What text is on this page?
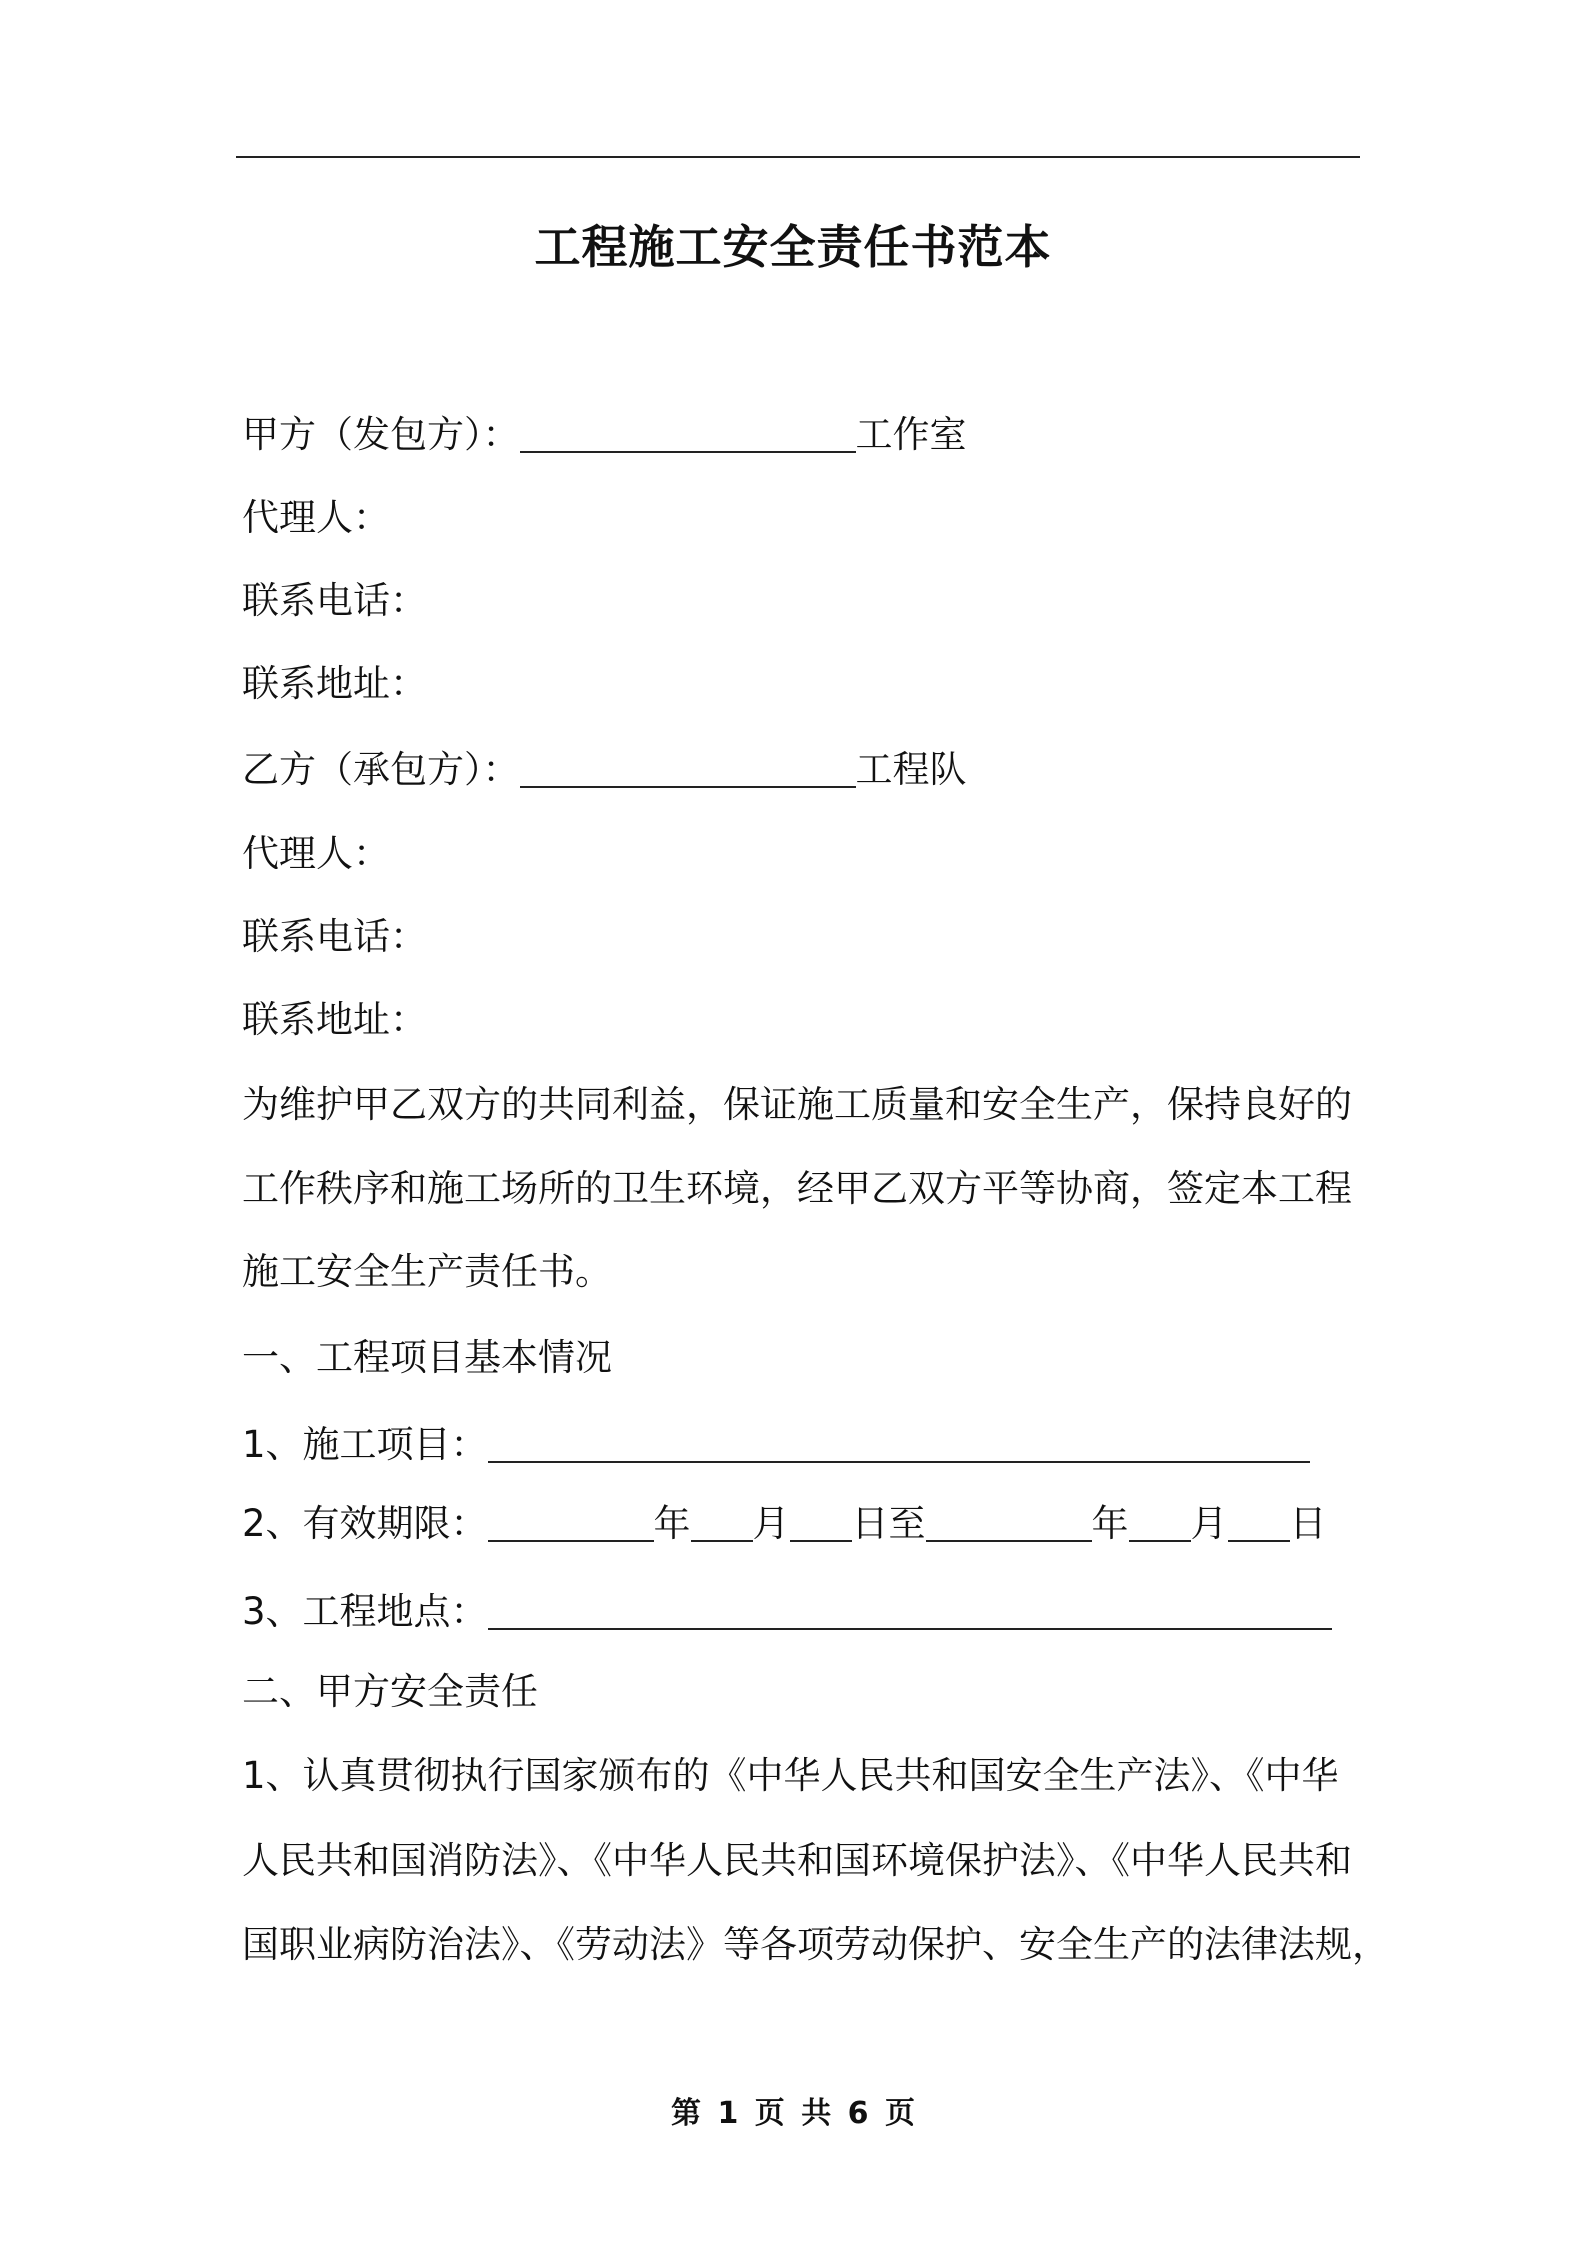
工程施工安全责任书范本
甲方（发包方）：	工作室
代理人：
联系电话：
联系地址：
乙方（承包方）：	工程队
代理人：
联系电话：
联系地址：
为维护甲乙双方的共同利益，保证施工质量和安全生产，保持良好的
工作秩序和施工场所的卫生环境，经甲乙双方平等协商，签定本工程
施工安全生产责任书。
一、工程项目基本情况
1、施工项目：
2、有效期限：	年 月 日至	年 月 日
3、工程地点：
二、甲方安全责任
1、认真贯彻执行国家颁布的《中华人民共和国安全生产法》、《中华
人民共和国消防法》、《中华人民共和国环境保护法》、《中华人民共和
国职业病防治法》、《劳动法》等各项劳动保护、安全生产的法律法规，
第 1 页 共 6 页
